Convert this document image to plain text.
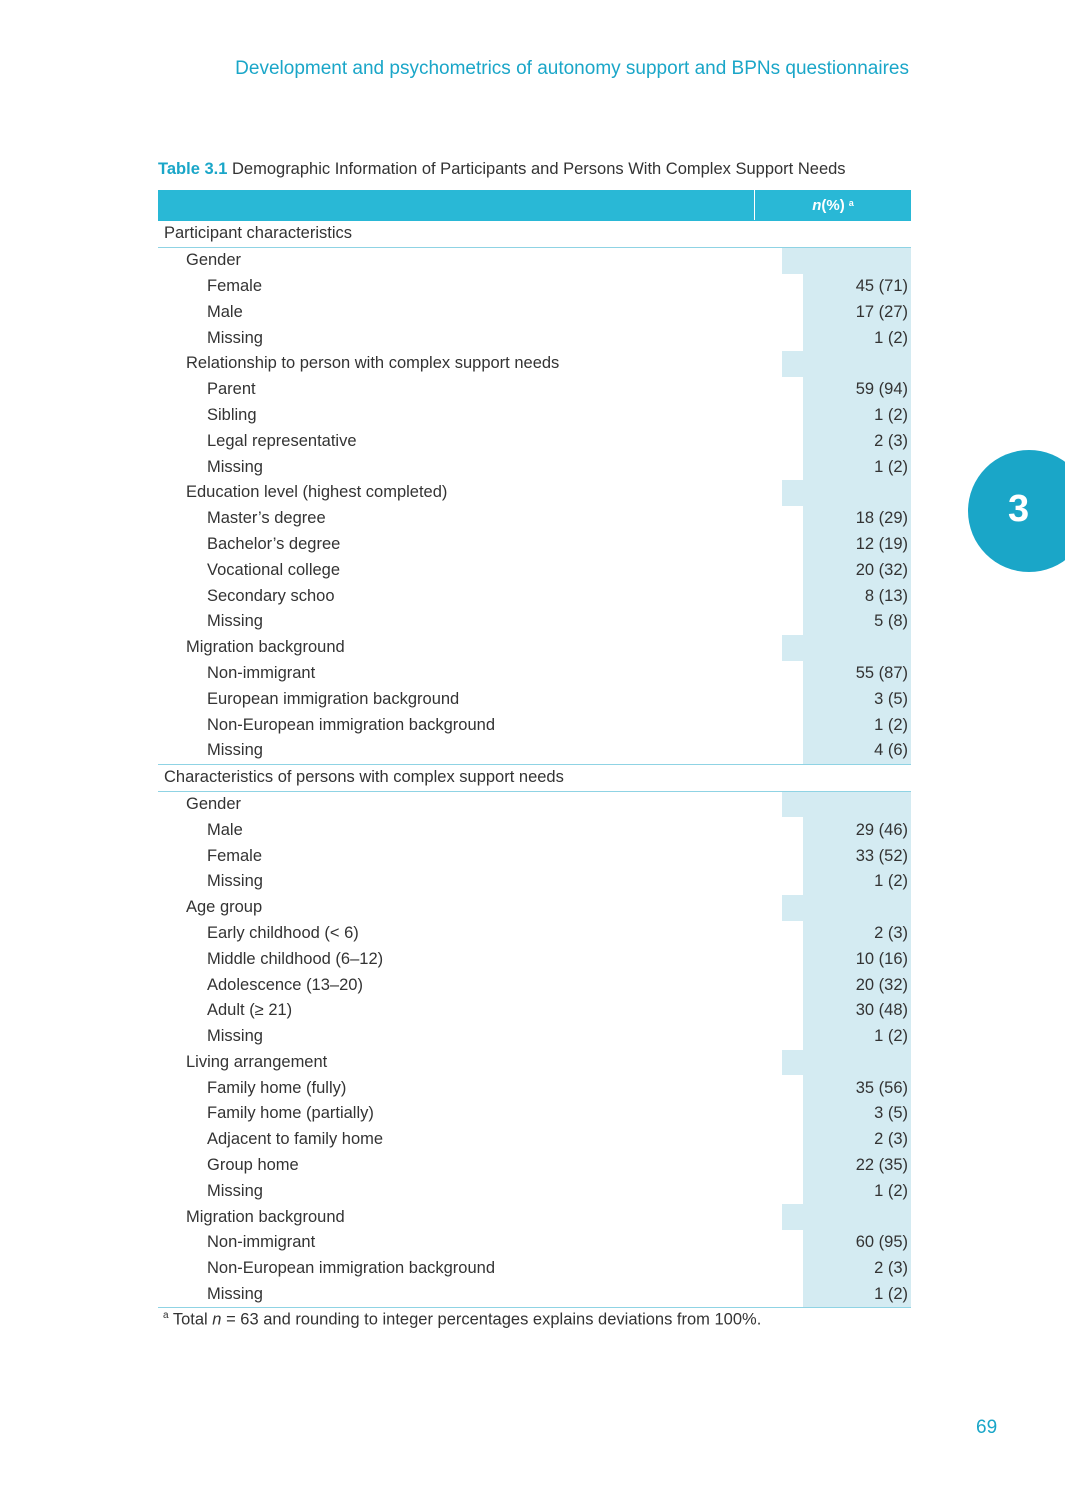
Development and psychometrics of autonomy support and BPNs questionnaires
Table 3.1 Demographic Information of Participants and Persons With Complex Support Needs
n (%) $^a$
Participant characteristics
Gender
Female	45 (71)
Male	17 (27)
Missing	1 (2)
Relationship to person with complex support needs
Parent	59 (94)
Sibling	1 (2)
Legal representative	2 (3)
Missing	1 (2)
Education level (highest completed)
Master’s degree	18 (29)
Bachelor’s degree	12 (19)
Vocational college	20 (32)
Secondary schoo	8 (13)
Missing	5 (8)
Migration background
Non-immigrant	55 (87)
European immigration background	3 (5)
Non-European immigration background	1 (2)
Missing	4 (6)
Characteristics of persons with complex support needs
Gender
Male	29 (46)
Female	33 (52)
Missing	1 (2)
Age group
Early childhood (< 6)	2 (3)
Middle childhood (6–12)	10 (16)
Adolescence (13–20)	20 (32)
Adult (≥ 21)	30 (48)
Missing	1 (2)
Living arrangement
Family home (fully)	35 (56)
Family home (partially)	3 (5)
Adjacent to family home	2 (3)
Group home	22 (35)
Missing	1 (2)
Migration background
Non-immigrant	60 (95)
Non-European immigration background	2 (3)
Missing	1 (2)
$^a$ Total n = 63 and rounding to integer percentages explains deviations from 100%.
3
69
